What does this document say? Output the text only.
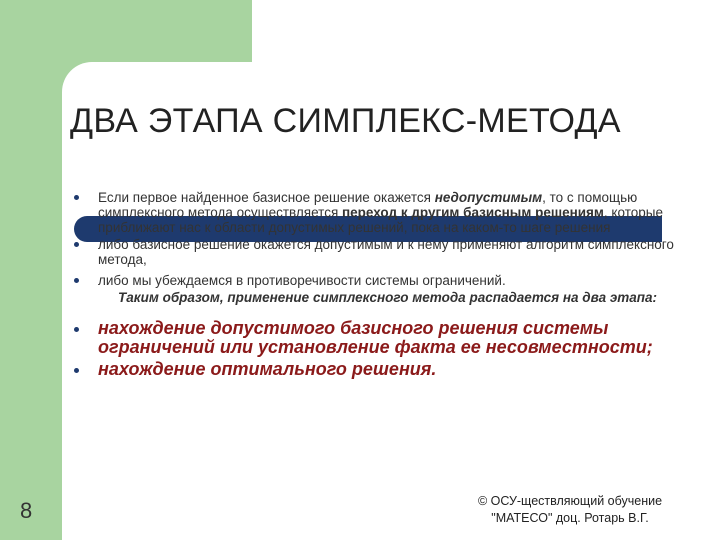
ДВА ЭТАПА СИМПЛЕКС-МЕТОДА
Если первое найденное базисное решение окажется недопустимым, то с помощью симплексного метода осуществляется переход к другим базисным решениям, которые приближают нас к области допустимых решений, пока на каком-то шаге решения
либо базисное решение окажется допустимым и к нему применяют алгоритм симплексного метода,
либо мы убеждаемся в противоречивости системы ограничений.
Таким образом, применение симплексного метода распадается на два этапа:
нахождение допустимого базисного решения системы ограничений или установление факта ее несовместности;
нахождение оптимального решения.
8	© ОСУ-ществляющий обучение
"МАТЕСО" доц. Ротарь В.Г.
